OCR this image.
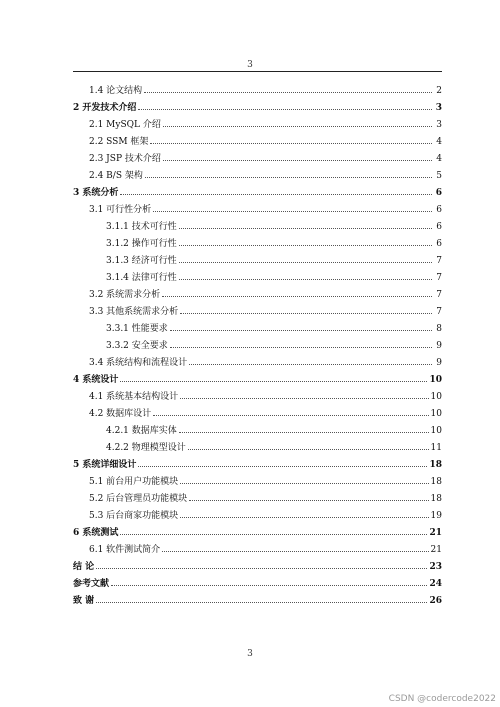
3
1.4 论文结构	2
2 开发技术介绍	3
2.1 MySQL 介绍	3
2.2 SSM 框架	4
2.3 JSP 技术介绍	4
2.4 B/S 架构	5
3 系统分析	6
3.1 可行性分析	6
3.1.1 技术可行性	6
3.1.2 操作可行性	6
3.1.3 经济可行性	7
3.1.4 法律可行性	7
3.2 系统需求分析	7
3.3 其他系统需求分析	7
3.3.1 性能要求	8
3.3.2 安全要求	9
3.4 系统结构和流程设计	9
4 系统设计	10
4.1 系统基本结构设计	10
4.2 数据库设计	10
4.2.1 数据库实体	10
4.2.2 物理模型设计	11
5 系统详细设计	18
5.1 前台用户功能模块	18
5.2 后台管理员功能模块	18
5.3 后台商家功能模块	19
6 系统测试	21
6.1 软件测试简介	21
结 论	23
参考文献	24
致 谢	26
3
CSDN @codercode2022
